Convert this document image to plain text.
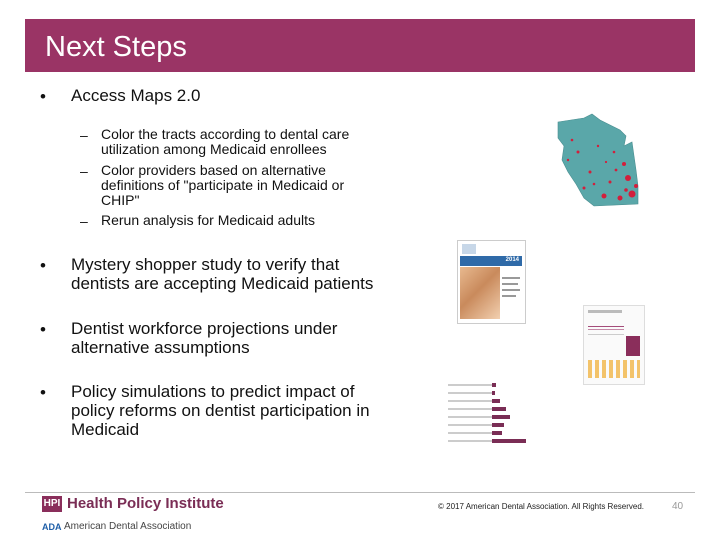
Next Steps
•	Access Maps 2.0
– Color the tracts according to dental care
utilization among Medicaid enrollees
– Color providers based on alternative
definitions of "participate in Medicaid or
CHIP"
– Rerun analysis for Medicaid adults
•	Mystery shopper study to verify that
dentists are accepting Medicaid patients
•	Dentist workforce projections under
alternative assumptions
•	Policy simulations to predict impact of
policy reforms on dentist participation in
Medicaid
2014
HPI Health Policy Institute
ADA American Dental Association
© 2017 American Dental Association. All Rights Reserved.	40
